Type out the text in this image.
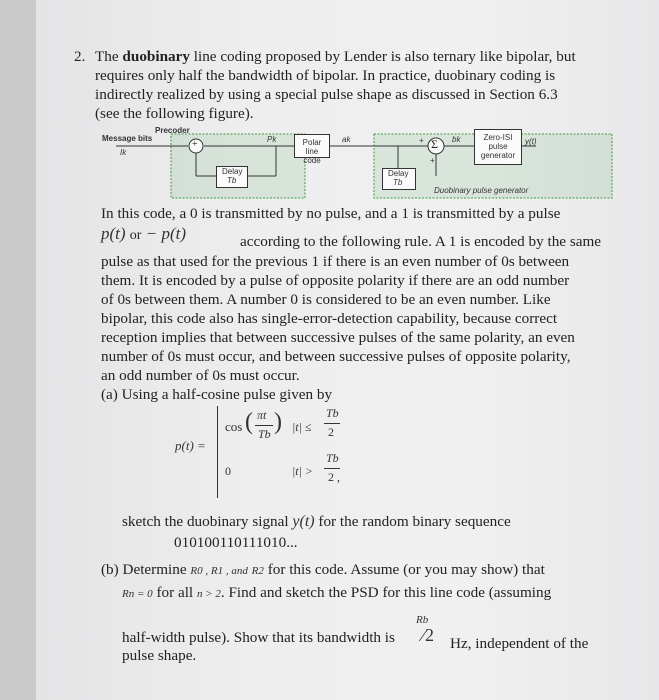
2. The duobinary line coding proposed by Lender is also ternary like bipolar, but
requires only half the bandwidth of bipolar. In practice, duobinary coding is
indirectly realized by using a special pulse shape as discussed in Section 6.3
(see the following figure).
Precoder
Message bits
Ik
+	Pk	Polar line code
ak
Delay
Tb
Delay
Tb
Σ
+
+
bk	Zero-ISI pulse generator
y(t)
Duobinary pulse generator
In this code, a 0 is transmitted by no pulse, and a 1 is transmitted by a pulse
p(t) or − p(t)	according to the following rule. A 1 is encoded by the same
pulse as that used for the previous 1 if there is an even number of 0s between
them. It is encoded by a pulse of opposite polarity if there are an odd number
of 0s between them. A number 0 is considered to be an even number. Like
bipolar, this code also has single-error-detection capability, because correct
reception implies that between successive pulses of the same polarity, an even
number of 0s must occur, and between successive pulses of opposite polarity,
an odd number of 0s must occur.
(a) Using a half-cosine pulse given by
p(t) =
cos ( πt
Tb ) |t| ≤
Tb
2
0	|t| >
Tb
2 ,
sketch the duobinary signal y(t) for the random binary sequence
010100110111010...
(b) Determine R0 , R1 , and R2 for this code. Assume (or you may show) that
Rn = 0 for all n > 2. Find and sketch the PSD for this line code (assuming
half-width pulse). Show that its bandwidth is
Rb
⁄2 Hz, independent of the
pulse shape.
